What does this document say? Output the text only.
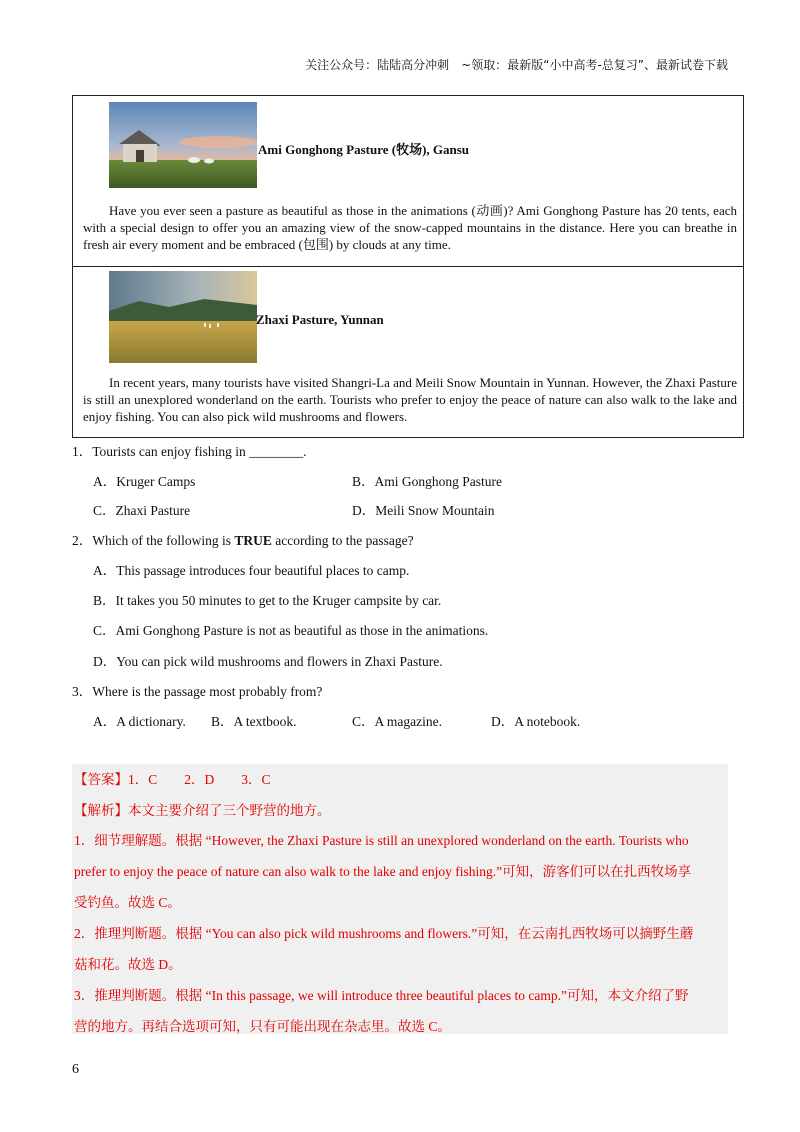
关注公众号：陆陆高分冲刺　~领取：最新版“小中高考-总复习”、最新试卷下载
Ami Gonghong Pasture (牧场), Gansu
Have you ever seen a pasture as beautiful as those in the animations (动画)? Ami Gonghong Pasture has 20 tents, each with a special design to offer you an amazing view of the snow-capped mountains in the distance. Here you can breathe in fresh air every moment and be embraced (包围) by clouds at any time.
Zhaxi Pasture, Yunnan
In recent years, many tourists have visited Shangri-La and Meili Snow Mountain in Yunnan. However, the Zhaxi Pasture is still an unexplored wonderland on the earth. Tourists who prefer to enjoy the peace of nature can also walk to the lake and enjoy fishing. You can also pick wild mushrooms and flowers.
1．Tourists can enjoy fishing in ________.
A．Kruger Camps	B．Ami Gonghong Pasture
C．Zhaxi Pasture	D．Meili Snow Mountain
2．Which of the following is TRUE according to the passage?
A．This passage introduces four beautiful places to camp.
B．It takes you 50 minutes to get to the Kruger campsite by car.
C．Ami Gonghong Pasture is not as beautiful as those in the animations.
D．You can pick wild mushrooms and flowers in Zhaxi Pasture.
3．Where is the passage most probably from?
A．A dictionary. B．A textbook.	C．A magazine.	D．A notebook.
【答案】1．C　　2．D　　3．C
【解析】本文主要介绍了三个野营的地方。
1．细节理解题。根据 “However, the Zhaxi Pasture is still an unexplored wonderland on the earth. Tourists who
prefer to enjoy the peace of nature can also walk to the lake and enjoy fishing.”可知，游客们可以在扎西牧场享
受钓鱼。故选 C。
2．推理判断题。根据 “You can also pick wild mushrooms and flowers.”可知，在云南扎西牧场可以摘野生蘑
菇和花。故选 D。
3．推理判断题。根据 “In this passage, we will introduce three beautiful places to camp.”可知，本文介绍了野
营的地方。再结合选项可知，只有可能出现在杂志里。故选 C。
6
